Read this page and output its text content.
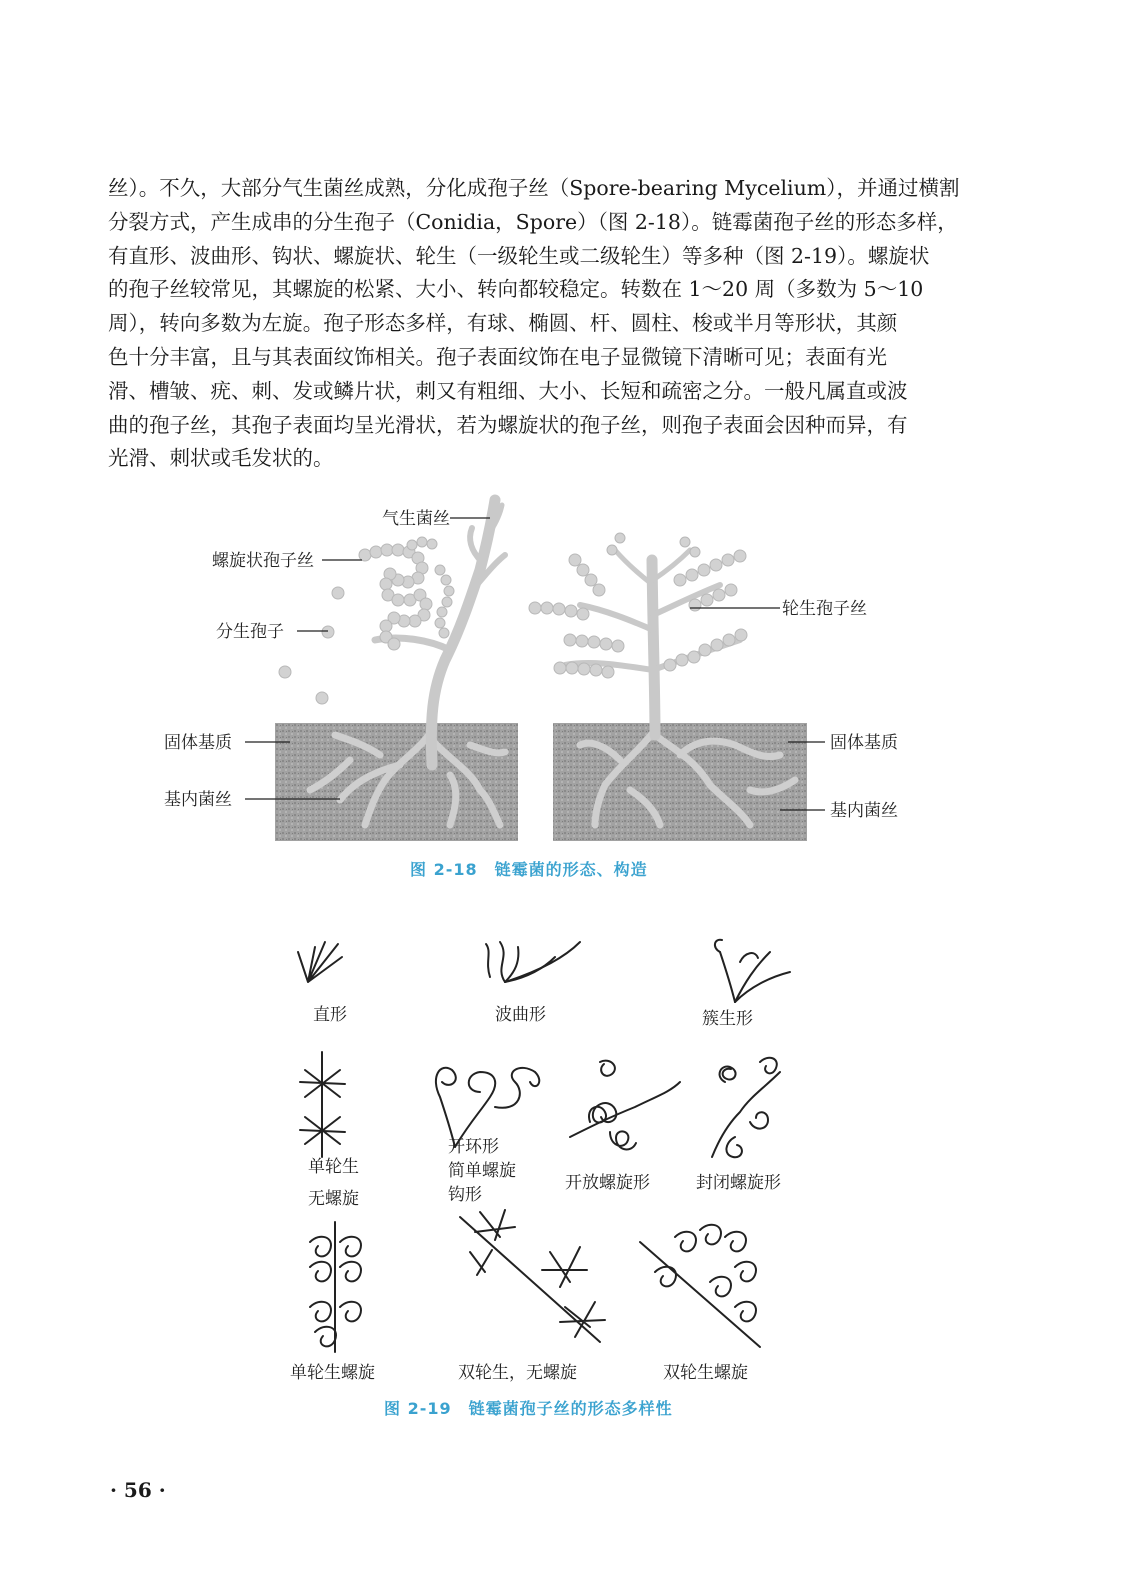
丝）。不久，大部分气生菌丝成熟，分化成孢子丝（Spore-bearing Mycelium），并通过横割

分裂方式，产生成串的分生孢子（Conidia，Spore）（图 2-18）。链霉菌孢子丝的形态多样，

有直形、波曲形、钩状、螺旋状、轮生（一级轮生或二级轮生）等多种（图 2-19）。螺旋状

的孢子丝较常见，其螺旋的松紧、大小、转向都较稳定。转数在 1～20 周（多数为 5～10

周），转向多数为左旋。孢子形态多样，有球、椭圆、杆、圆柱、梭或半月等形状，其颜

色十分丰富，且与其表面纹饰相关。孢子表面纹饰在电子显微镜下清晰可见；表面有光

滑、槽皱、疣、刺、发或鳞片状，刺又有粗细、大小、长短和疏密之分。一般凡属直或波

曲的孢子丝，其孢子表面均呈光滑状，若为螺旋状的孢子丝，则孢子表面会因种而异，有

光滑、刺状或毛发状的。

气生菌丝
螺旋状孢子丝
分生孢子
固体基质
基内菌丝
轮生孢子丝
固体基质
基内菌丝
图 2-18　链霉菌的形态、构造
直形	波曲形	簇生形
单轮生
无螺旋
开环形
简单螺旋
钩形
开放螺旋形	封闭螺旋形
单轮生螺旋	双轮生，无螺旋	双轮生螺旋
图 2-19　链霉菌孢子丝的形态多样性
· 56 ·
